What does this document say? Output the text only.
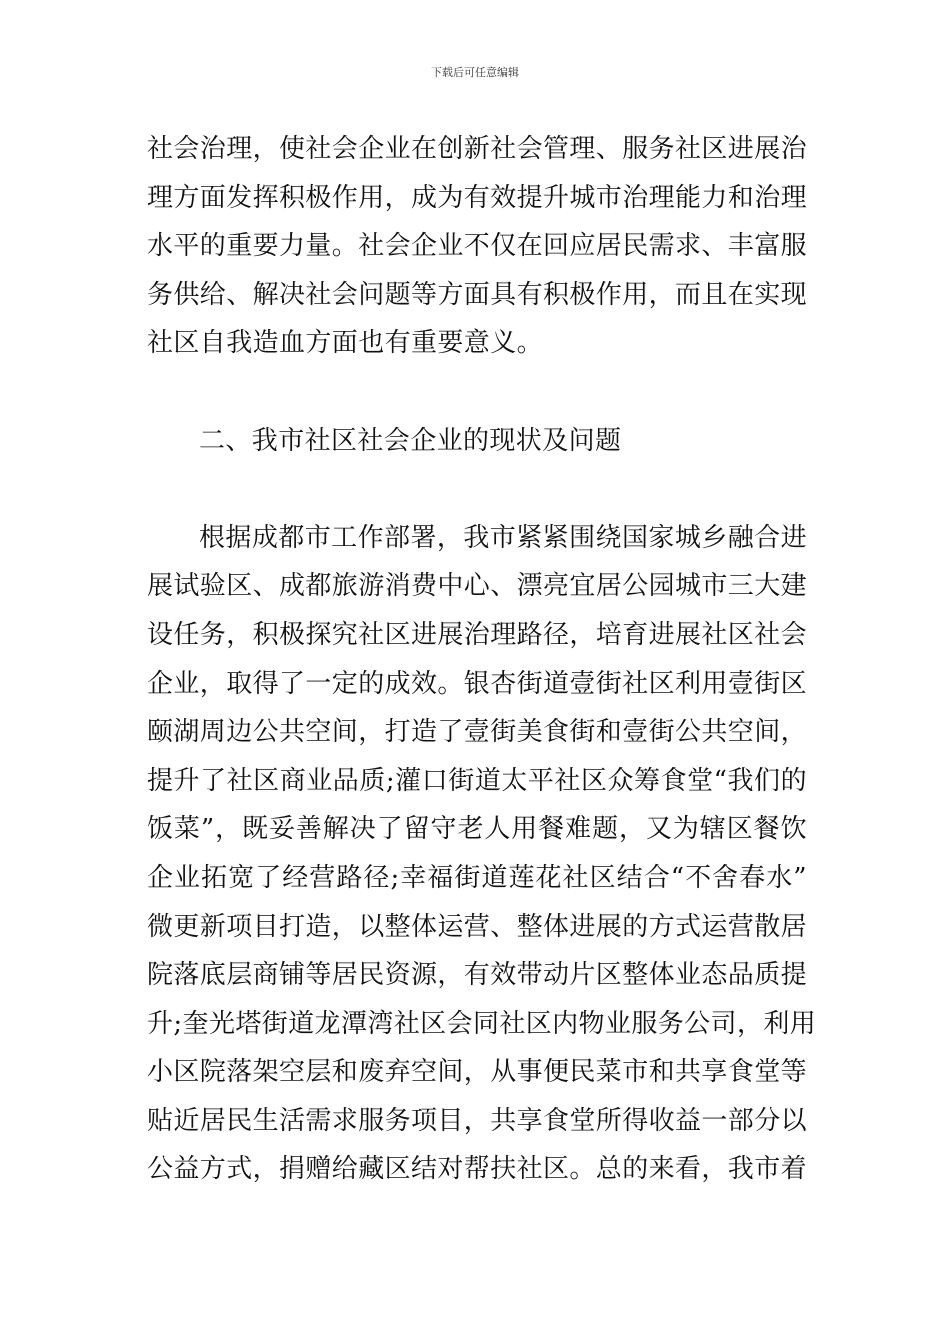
下载后可任意编辑
社会治理，使社会企业在创新社会管理、服务社区进展治
理方面发挥积极作用，成为有效提升城市治理能力和治理
水平的重要力量。社会企业不仅在回应居民需求、丰富服
务供给、解决社会问题等方面具有积极作用，而且在实现
社区自我造血方面也有重要意义。
二、我市社区社会企业的现状及问题
根据成都市工作部署，我市紧紧围绕国家城乡融合进
展试验区、成都旅游消费中心、漂亮宜居公园城市三大建
设任务，积极探究社区进展治理路径，培育进展社区社会
企业，取得了一定的成效。银杏街道壹街社区利用壹街区
颐湖周边公共空间，打造了壹街美食街和壹街公共空间，
提升了社区商业品质;灌口街道太平社区众筹食堂“我们的
饭菜”，既妥善解决了留守老人用餐难题，又为辖区餐饮
企业拓宽了经营路径;幸福街道莲花社区结合“不舍春水”
微更新项目打造，以整体运营、整体进展的方式运营散居
院落底层商铺等居民资源，有效带动片区整体业态品质提
升;奎光塔街道龙潭湾社区会同社区内物业服务公司，利用
小区院落架空层和废弃空间，从事便民菜市和共享食堂等
贴近居民生活需求服务项目，共享食堂所得收益一部分以
公益方式，捐赠给藏区结对帮扶社区。总的来看，我市着
